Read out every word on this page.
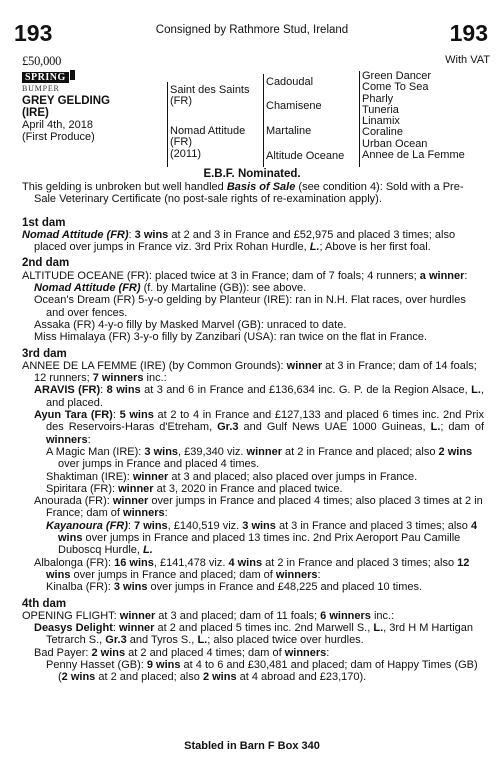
193	Consigned by Rathmore Stud, Ireland	193
With VAT
£50,000
SPRING
BUMPER
GREY GELDING
(IRE)
April 4th, 2018
(First Produce)
Saint des Saints
(FR)
Nomad Attitude
(FR)
(2011)
Cadoudal
Chamisene
Martaline
Altitude Oceane
Green Dancer
Come To Sea
Pharly
Tuneria
Linamix
Coraline
Urban Ocean
Annee de La Femme
E.B.F. Nominated.

This gelding is unbroken but well handled Basis of Sale (see condition 4): Sold with a Pre-Sale Veterinary Certificate (no post-sale rights of re-examination apply).

1st dam

Nomad Attitude (FR): 3 wins at 2 and 3 in France and £52,975 and placed 3 times; also placed over jumps in France viz. 3rd Prix Rohan Hurdle, L.; Above is her first foal.

2nd dam

ALTITUDE OCEANE (FR): placed twice at 3 in France; dam of 7 foals; 4 runners; a winner:

Nomad Attitude (FR) (f. by Martaline (GB)): see above.

Ocean's Dream (FR) 5-y-o gelding by Planteur (IRE): ran in N.H. Flat races, over hurdles and over fences.

Assaka (FR) 4-y-o filly by Masked Marvel (GB): unraced to date.

Miss Himalaya (FR) 3-y-o filly by Zanzibari (USA): ran twice on the flat in France.

3rd dam

ANNEE DE LA FEMME (IRE) (by Common Grounds): winner at 3 in France; dam of 14 foals; 12 runners; 7 winners inc.:

ARAVIS (FR): 8 wins at 3 and 6 in France and £136,634 inc. G. P. de la Region Alsace, L., and placed.

Ayun Tara (FR): 5 wins at 2 to 4 in France and £127,133 and placed 6 times inc. 2nd Prix des Reservoirs-Haras d'Etreham, Gr.3 and Gulf News UAE 1000 Guineas, L.; dam of winners:

A Magic Man (IRE): 3 wins, £39,340 viz. winner at 2 in France and placed; also 2 wins over jumps in France and placed 4 times.

Shaktiman (IRE): winner at 3 and placed; also placed over jumps in France.

Spiritara (FR): winner at 3, 2020 in France and placed twice.

Anourada (FR): winner over jumps in France and placed 4 times; also placed 3 times at 2 in France; dam of winners:

Kayanoura (FR): 7 wins, £140,519 viz. 3 wins at 3 in France and placed 3 times; also 4 wins over jumps in France and placed 13 times inc. 2nd Prix Aeroport Pau Camille Duboscq Hurdle, L.

Albalonga (FR): 16 wins, £141,478 viz. 4 wins at 2 in France and placed 3 times; also 12 wins over jumps in France and placed; dam of winners:

Kinalba (FR): 3 wins over jumps in France and £48,225 and placed 10 times.

4th dam

OPENING FLIGHT: winner at 3 and placed; dam of 11 foals; 6 winners inc.:

Deasys Delight: winner at 2 and placed 5 times inc. 2nd Marwell S., L., 3rd H M Hartigan Tetrarch S., Gr.3 and Tyros S., L.; also placed twice over hurdles.

Bad Payer: 2 wins at 2 and placed 4 times; dam of winners:

Penny Hasset (GB): 9 wins at 4 to 6 and £30,481 and placed; dam of Happy Times (GB) (2 wins at 2 and placed; also 2 wins at 4 abroad and £23,170).

Stabled in Barn F Box 340
